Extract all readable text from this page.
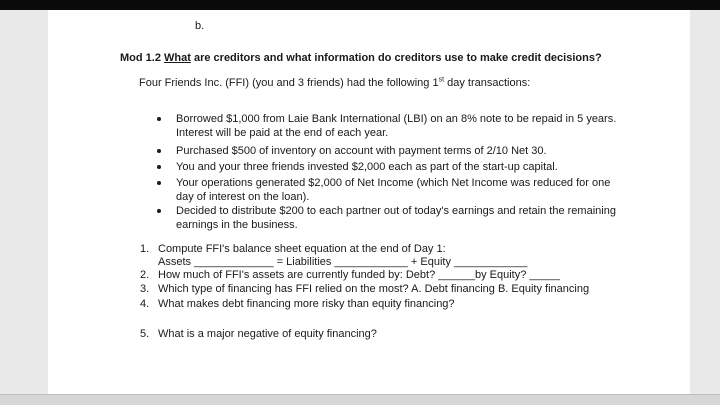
b.
Mod 1.2 What are creditors and what information do creditors use to make credit decisions?
Four Friends Inc. (FFI) (you and 3 friends) had the following 1st day transactions:
Borrowed $1,000 from Laie Bank International (LBI) on an 8% note to be repaid in 5 years.
Interest will be paid at the end of each year.
Purchased $500 of inventory on account with payment terms of 2/10 Net 30.
You and your three friends invested $2,000 each as part of the start-up capital.
Your operations generated $2,000 of Net Income (which Net Income was reduced for one
day of interest on the loan).
Decided to distribute $200 to each partner out of today's earnings and retain the remaining
earnings in the business.
1. Compute FFI's balance sheet equation at the end of Day 1:
Assets _____________ = Liabilities ____________ + Equity ____________
2. How much of FFI's assets are currently funded by: Debt? ______by Equity? _____
3. Which type of financing has FFI relied on the most? A. Debt financing B. Equity financing
4. What makes debt financing more risky than equity financing?
5. What is a major negative of equity financing?
